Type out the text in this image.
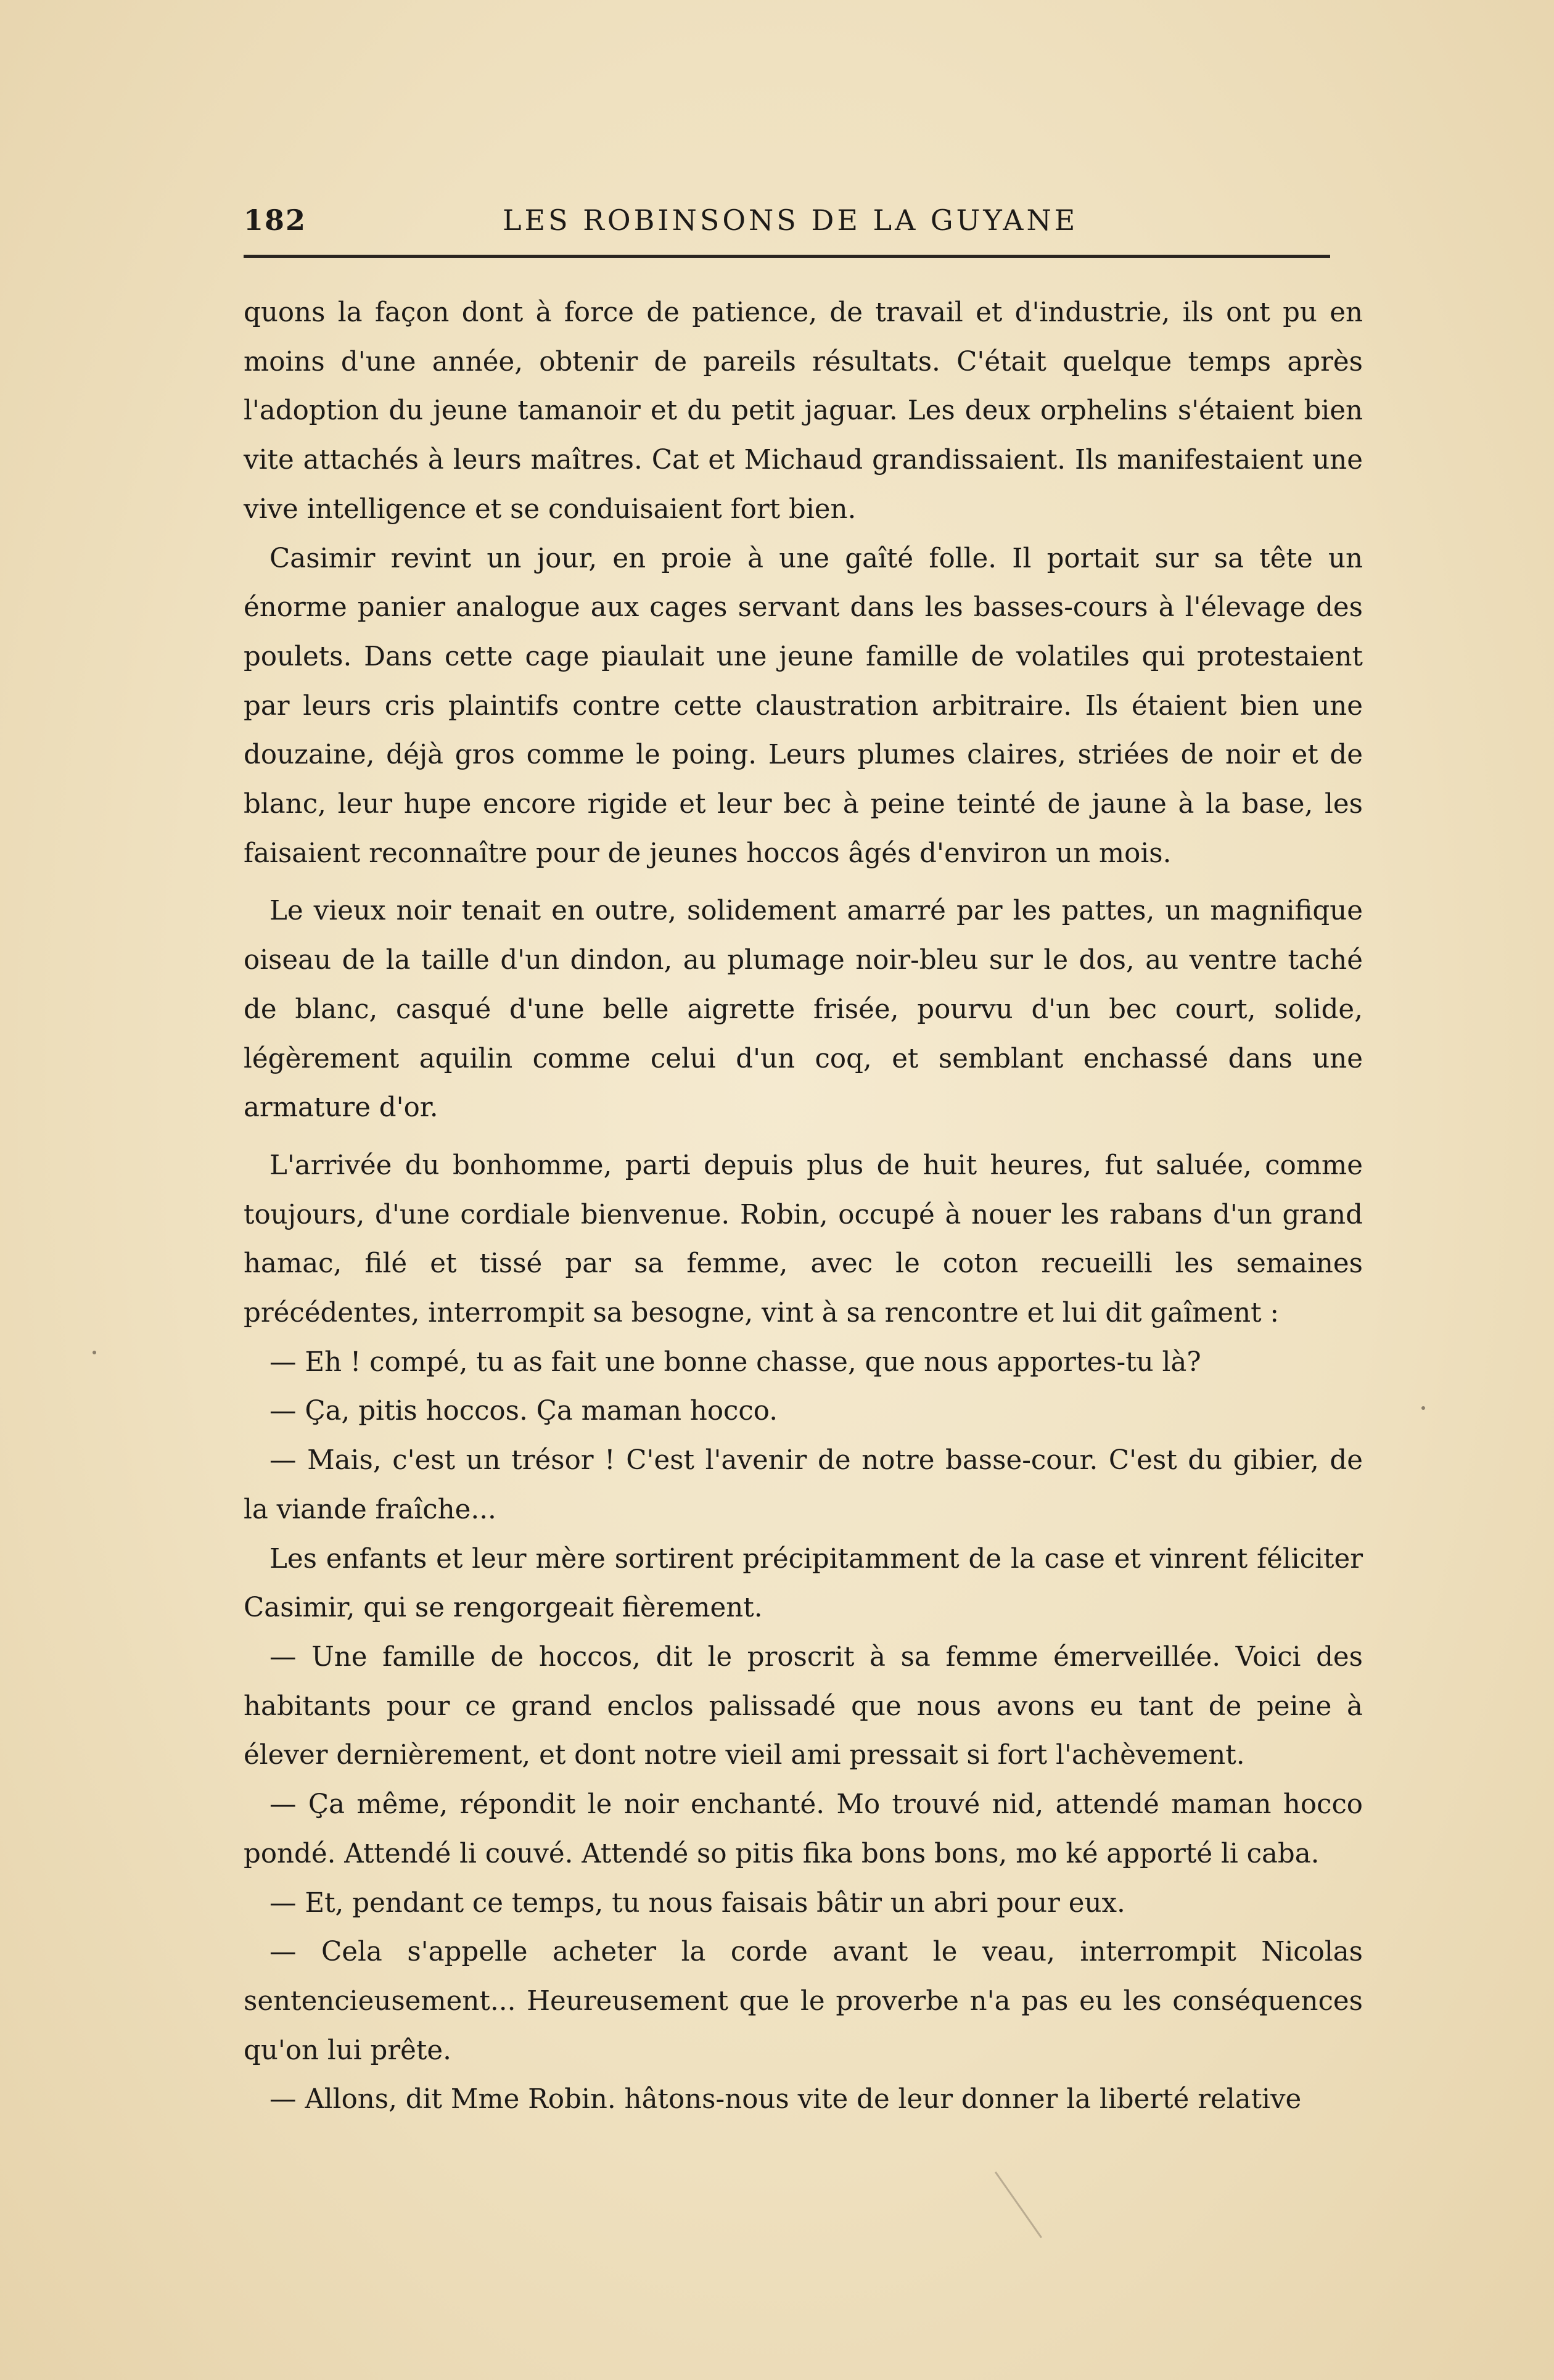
182	LES ROBINSONS DE LA GUYANE

quons la façon dont à force de patience, de travail et d'industrie, ils ont pu en moins d'une année, obtenir de pareils résultats. C'était quelque temps après l'adoption du jeune tamanoir et du petit jaguar. Les deux orphelins s'étaient bien vite attachés à leurs maîtres. Cat et Michaud grandissaient. Ils manifestaient une vive intelligence et se conduisaient fort bien.

Casimir revint un jour, en proie à une gaîté folle. Il portait sur sa tête un énorme panier analogue aux cages servant dans les basses-cours à l'élevage des poulets. Dans cette cage piaulait une jeune famille de volatiles qui protestaient par leurs cris plaintifs contre cette claustration arbitraire. Ils étaient bien une douzaine, déjà gros comme le poing. Leurs plumes claires, striées de noir et de blanc, leur hupe encore rigide et leur bec à peine teinté de jaune à la base, les faisaient reconnaître pour de jeunes hoccos âgés d'environ un mois.

Le vieux noir tenait en outre, solidement amarré par les pattes, un magnifique oiseau de la taille d'un dindon, au plumage noir-bleu sur le dos, au ventre taché de blanc, casqué d'une belle aigrette frisée, pourvu d'un bec court, solide, légèrement aquilin comme celui d'un coq, et semblant enchassé dans une armature d'or.

L'arrivée du bonhomme, parti depuis plus de huit heures, fut saluée, comme toujours, d'une cordiale bienvenue. Robin, occupé à nouer les rabans d'un grand hamac, filé et tissé par sa femme, avec le coton recueilli les semaines précédentes, interrompit sa besogne, vint à sa rencontre et lui dit gaîment :

— Eh ! compé, tu as fait une bonne chasse, que nous apportes-tu là?

— Ça, pitis hoccos. Ça maman hocco.

— Mais, c'est un trésor ! C'est l'avenir de notre basse-cour. C'est du gibier, de la viande fraîche...

Les enfants et leur mère sortirent précipitamment de la case et vinrent féliciter Casimir, qui se rengorgeait fièrement.

— Une famille de hoccos, dit le proscrit à sa femme émerveillée. Voici des habitants pour ce grand enclos palissadé que nous avons eu tant de peine à élever dernièrement, et dont notre vieil ami pressait si fort l'achèvement.

— Ça même, répondit le noir enchanté. Mo trouvé nid, attendé maman hocco pondé. Attendé li couvé. Attendé so pitis fika bons bons, mo ké apporté li caba.

— Et, pendant ce temps, tu nous faisais bâtir un abri pour eux.

— Cela s'appelle acheter la corde avant le veau, interrompit Nicolas sentencieusement... Heureusement que le proverbe n'a pas eu les conséquences qu'on lui prête.

— Allons, dit Mme Robin. hâtons-nous vite de leur donner la liberté relative
